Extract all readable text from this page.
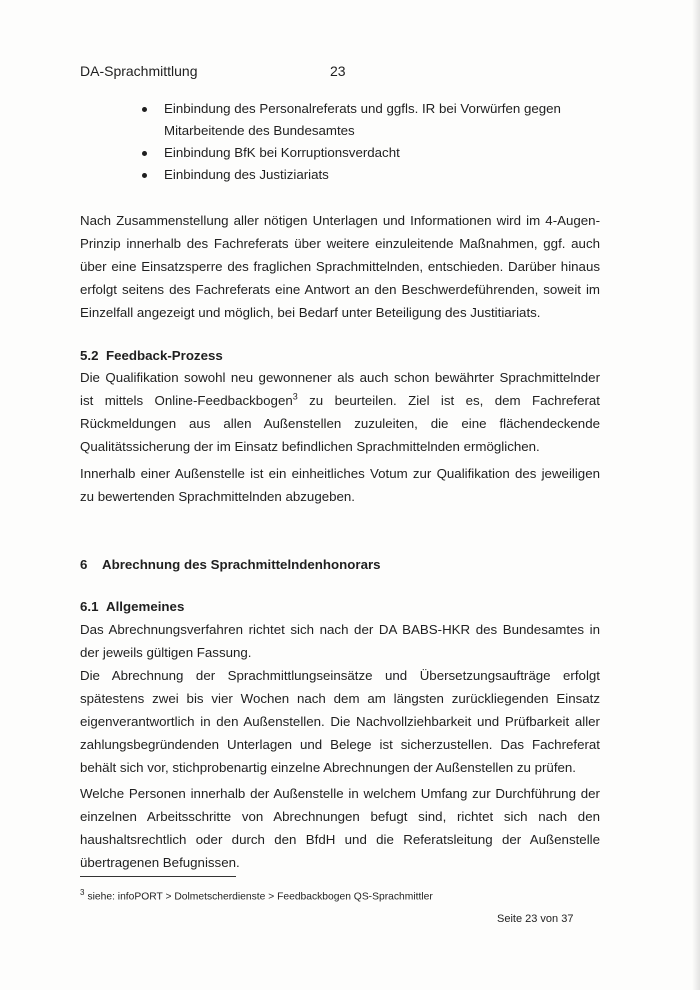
DA-Sprachmittlung	23
Einbindung des Personalreferats und ggfls. IR bei Vorwürfen gegen Mitarbeitende des Bundesamtes
Einbindung BfK bei Korruptionsverdacht
Einbindung des Justiziariats

Nach Zusammenstellung aller nötigen Unterlagen und Informationen wird im 4-Augen-Prinzip innerhalb des Fachreferats über weitere einzuleitende Maßnahmen, ggf. auch über eine Einsatzsperre des fraglichen Sprachmittelnden, entschieden. Darüber hinaus erfolgt seitens des Fachreferats eine Antwort an den Beschwerdeführenden, soweit im Einzelfall angezeigt und möglich, bei Bedarf unter Beteiligung des Justitiariats.

5.2 Feedback-Prozess

Die Qualifikation sowohl neu gewonnener als auch schon bewährter Sprachmittelnder ist mittels Online-Feedbackbogen$^3$ zu beurteilen. Ziel ist es, dem Fachreferat Rückmeldungen aus allen Außenstellen zuzuleiten, die eine flächendeckende Qualitätssicherung der im Einsatz befindlichen Sprachmittelnden ermöglichen.

Innerhalb einer Außenstelle ist ein einheitliches Votum zur Qualifikation des jeweiligen zu bewertenden Sprachmittelnden abzugeben.

6 Abrechnung des Sprachmittelndenhonorars
6.1 Allgemeines

Das Abrechnungsverfahren richtet sich nach der DA BABS-HKR des Bundesamtes in der jeweils gültigen Fassung.

Die Abrechnung der Sprachmittlungseinsätze und Übersetzungsaufträge erfolgt spätestens zwei bis vier Wochen nach dem am längsten zurückliegenden Einsatz eigenverantwortlich in den Außenstellen. Die Nachvollziehbarkeit und Prüfbarkeit aller zahlungsbegründenden Unterlagen und Belege ist sicherzustellen. Das Fachreferat behält sich vor, stichprobenartig einzelne Abrechnungen der Außenstellen zu prüfen.

Welche Personen innerhalb der Außenstelle in welchem Umfang zur Durchführung der einzelnen Arbeitsschritte von Abrechnungen befugt sind, richtet sich nach den haushaltsrechtlich oder durch den BfdH und die Referatsleitung der Außenstelle übertragenen Befugnissen.

$^3$ siehe: infoPORT > Dolmetscherdienste > Feedbackbogen QS-Sprachmittler
Seite 23 von 37
